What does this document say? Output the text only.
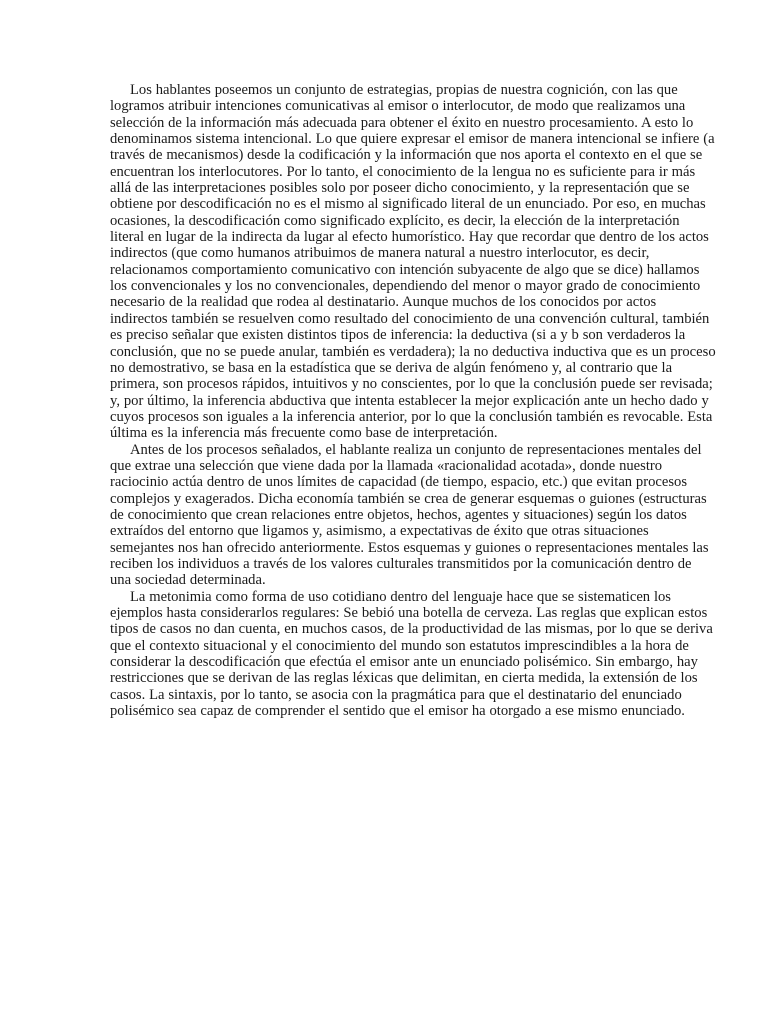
Los hablantes poseemos un conjunto de estrategias, propias de nuestra cognición, con las que logramos atribuir intenciones comunicativas al emisor o interlocutor, de modo que realizamos una selección de la información más adecuada para obtener el éxito en nuestro procesamiento. A esto lo denominamos sistema intencional. Lo que quiere expresar el emisor de manera intencional se infiere (a través de mecanismos) desde la codificación y la información que nos aporta el contexto en el que se encuentran los interlocutores. Por lo tanto, el conocimiento de la lengua no es suficiente para ir más allá de las interpretaciones posibles solo por poseer dicho conocimiento, y la representación que se obtiene por descodificación no es el mismo al significado literal de un enunciado. Por eso, en muchas ocasiones, la descodificación como significado explícito, es decir, la elección de la interpretación literal en lugar de la indirecta da lugar al efecto humorístico. Hay que recordar que dentro de los actos indirectos (que como humanos atribuimos de manera natural a nuestro interlocutor, es decir, relacionamos comportamiento comunicativo con intención subyacente de algo que se dice) hallamos los convencionales y los no convencionales, dependiendo del menor o mayor grado de conocimiento necesario de la realidad que rodea al destinatario. Aunque muchos de los conocidos por actos indirectos también se resuelven como resultado del conocimiento de una convención cultural, también es preciso señalar que existen distintos tipos de inferencia: la deductiva (si a y b son verdaderos la conclusión, que no se puede anular, también es verdadera); la no deductiva inductiva que es un proceso no demostrativo, se basa en la estadística que se deriva de algún fenómeno y, al contrario que la primera, son procesos rápidos, intuitivos y no conscientes, por lo que la conclusión puede ser revisada; y, por último, la inferencia abductiva que intenta establecer la mejor explicación ante un hecho dado y cuyos procesos son iguales a la inferencia anterior, por lo que la conclusión también es revocable. Esta última es la inferencia más frecuente como base de interpretación.

Antes de los procesos señalados, el hablante realiza un conjunto de representaciones mentales del que extrae una selección que viene dada por la llamada «racionalidad acotada», donde nuestro raciocinio actúa dentro de unos límites de capacidad (de tiempo, espacio, etc.) que evitan procesos complejos y exagerados. Dicha economía también se crea de generar esquemas o guiones (estructuras de conocimiento que crean relaciones entre objetos, hechos, agentes y situaciones) según los datos extraídos del entorno que ligamos y, asimismo, a expectativas de éxito que otras situaciones semejantes nos han ofrecido anteriormente. Estos esquemas y guiones o representaciones mentales las reciben los individuos a través de los valores culturales transmitidos por la comunicación dentro de una sociedad determinada.

La metonimia como forma de uso cotidiano dentro del lenguaje hace que se sistematicen los ejemplos hasta considerarlos regulares: Se bebió una botella de cerveza. Las reglas que explican estos tipos de casos no dan cuenta, en muchos casos, de la productividad de las mismas, por lo que se deriva que el contexto situacional y el conocimiento del mundo son estatutos imprescindibles a la hora de considerar la descodificación que efectúa el emisor ante un enunciado polisémico. Sin embargo, hay restricciones que se derivan de las reglas léxicas que delimitan, en cierta medida, la extensión de los casos. La sintaxis, por lo tanto, se asocia con la pragmática para que el destinatario del enunciado polisémico sea capaz de comprender el sentido que el emisor ha otorgado a ese mismo enunciado.
